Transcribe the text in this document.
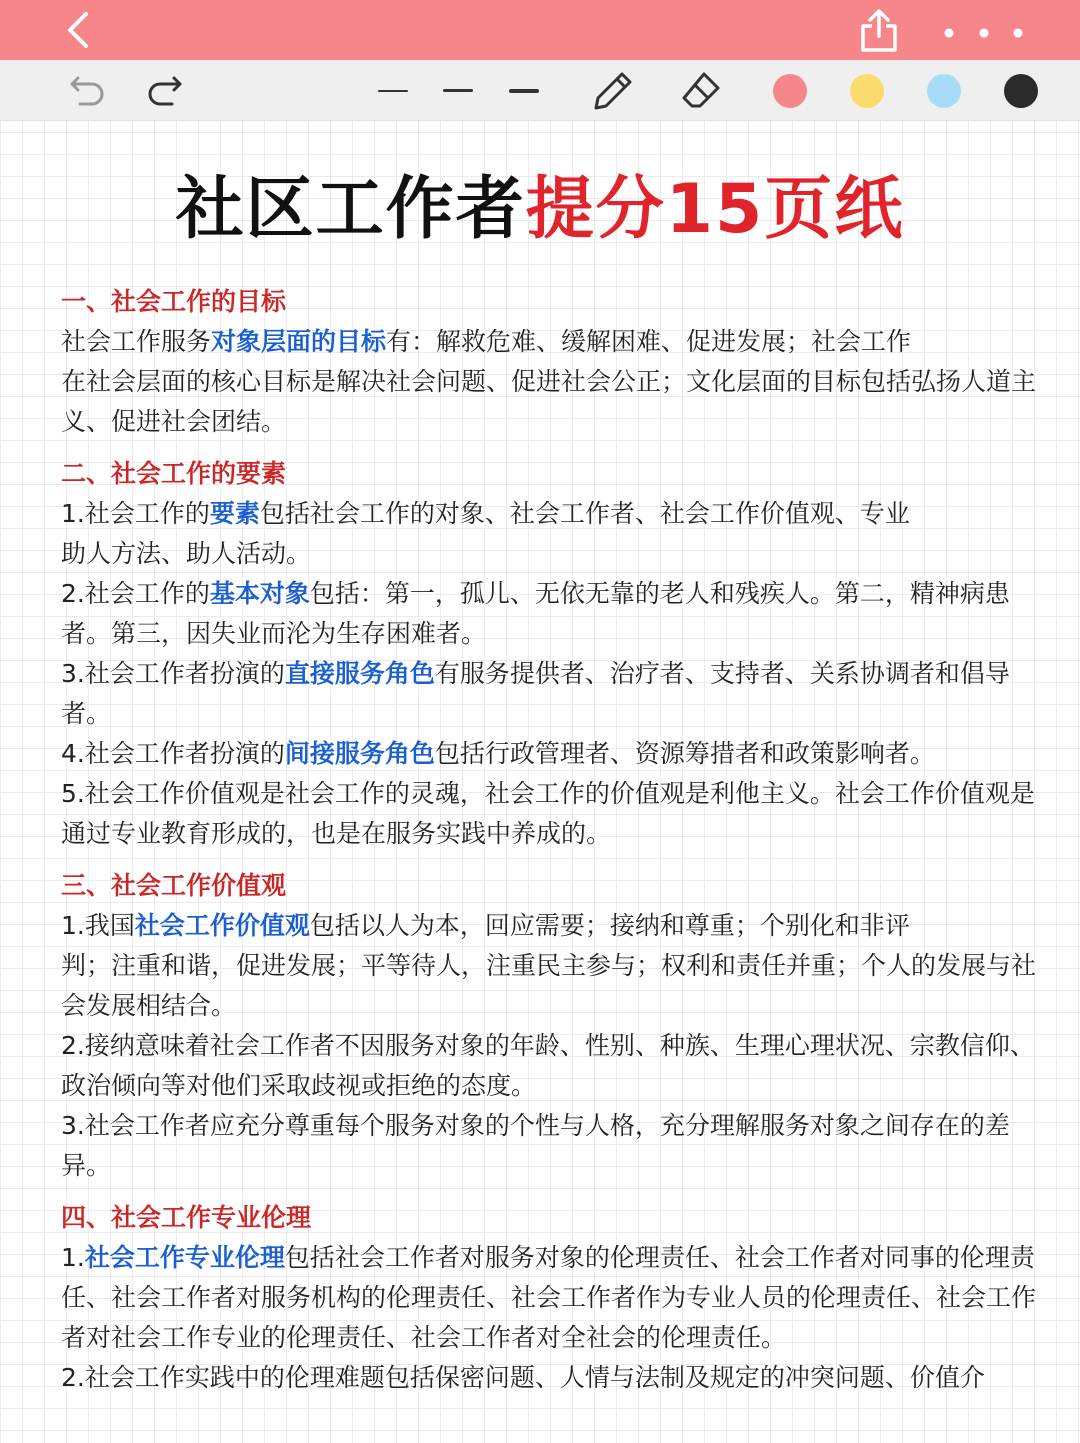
社区工作者提分15页纸
一、社会工作的目标

社会工作服务对象层面的目标有：解救危难、缓解困难、促进发展；社会工作
在社会层面的核心目标是解决社会问题、促进社会公正；文化层面的目标包括弘扬人道主义、促进社会团结。

二、社会工作的要素

1.社会工作的要素包括社会工作的对象、社会工作者、社会工作价值观、专业
助人方法、助人活动。

2.社会工作的基本对象包括：第一，孤儿、无依无靠的老人和残疾人。第二，精神病患者。第三，因失业而沦为生存困难者。

3.社会工作者扮演的直接服务角色有服务提供者、治疗者、支持者、关系协调者和倡导者。

4.社会工作者扮演的间接服务角色包括行政管理者、资源筹措者和政策影响者。

5.社会工作价值观是社会工作的灵魂，社会工作的价值观是利他主义。社会工作价值观是通过专业教育形成的，也是在服务实践中养成的。

三、社会工作价值观

1.我国社会工作价值观包括以人为本，回应需要；接纳和尊重；个别化和非评
判；注重和谐，促进发展；平等待人，注重民主参与；权利和责任并重；个人的发展与社会发展相结合。

2.接纳意味着社会工作者不因服务对象的年龄、性别、种族、生理心理状况、宗教信仰、政治倾向等对他们采取歧视或拒绝的态度。

3.社会工作者应充分尊重每个服务对象的个性与人格，充分理解服务对象之间存在的差异。

四、社会工作专业伦理

1.社会工作专业伦理包括社会工作者对服务对象的伦理责任、社会工作者对同事的伦理责任、社会工作者对服务机构的伦理责任、社会工作者作为专业人员的伦理责任、社会工作者对社会工作专业的伦理责任、社会工作者对全社会的伦理责任。

2.社会工作实践中的伦理难题包括保密问题、人情与法制及规定的冲突问题、价值介
